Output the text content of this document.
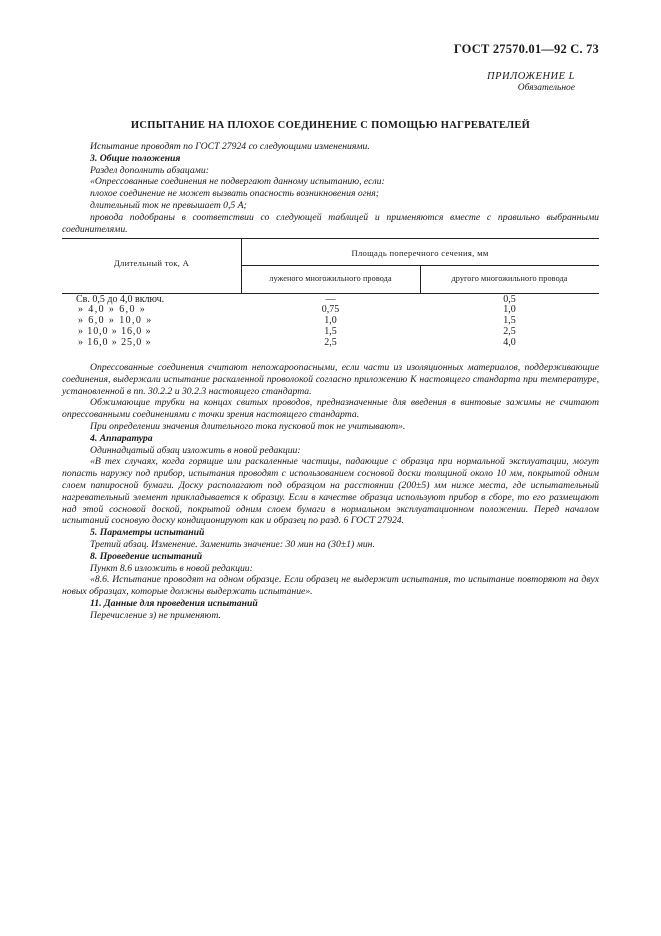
ГОСТ 27570.01—92 С. 73
ПРИЛОЖЕНИЕ L
Обязательное
ИСПЫТАНИЕ НА ПЛОХОЕ СОЕДИНЕНИЕ С ПОМОЩЬЮ НАГРЕВАТЕЛЕЙ

Испытание проводят по ГОСТ 27924 со следующими изменениями.

3. Общие положения

Раздел дополнить абзацами:

«Опрессованные соединения не подвергают данному испытанию, если:

плохое соединение не может вызвать опасность возникновения огня;

длительный ток не превышает 0,5 А;

провода подобраны в соответствии со следующей таблицей и применяются вместе с правильно выбранными соединителями.

Длительный ток, А
Площадь поперечного сечения, мм
луженого многожильного провода	другого многожильного провода
Св. 0,5 до 4,0 включ.	—	0,5
» 4,0 » 6,0 »	0,75	1,0
» 6,0 » 10,0 »	1,0	1,5
» 10,0 » 16,0 »	1,5	2,5
» 16,0 » 25,0 »	2,5	4,0

Опрессованные соединения считают непожароопасными, если части из изоляционных материалов, поддерживающие соединения, выдержали испытание раскаленной проволокой согласно приложению К настоящего стандарта при температуре, установленной в пп. 30.2.2 и 30.2.3 настоящего стандарта.

Обжимающие трубки на концах свитых проводов, предназначенные для введения в винтовые зажимы не считают опрессованными соединениями с точки зрения настоящего стандарта.

При определении значения длительного тока пусковой ток не учитывают».

4. Аппаратура

Одиннадцатый абзац изложить в новой редакции:

«В тех случаях, когда горящие или раскаленные частицы, падающие с образца при нормальной эксплуатации, могут попасть наружу под прибор, испытания проводят с использованием сосновой доски толщиной около 10 мм, покрытой одним слоем папиросной бумаги. Доску располагают под образцом на расстоянии (200±5) мм ниже места, где испытательный нагревательный элемент прикладывается к образцу. Если в качестве образца используют прибор в сборе, то его размещают над этой сосновой доской, покрытой одним слоем бумаги в нормальном эксплуатационном положении. Перед началом испытаний сосновую доску кондиционируют как и образец по разд. 6 ГОСТ 27924.

5. Параметры испытаний

Третий абзац. Изменение. Заменить значение: 30 мин на (30±1) мин.

8. Проведение испытаний

Пункт 8.6 изложить в новой редакции:

«8.6. Испытание проводят на одном образце. Если образец не выдержит испытания, то испытание повторяют на двух новых образцах, которые должны выдержать испытание».

11. Данные для проведения испытаний

Перечисление з) не применяют.
